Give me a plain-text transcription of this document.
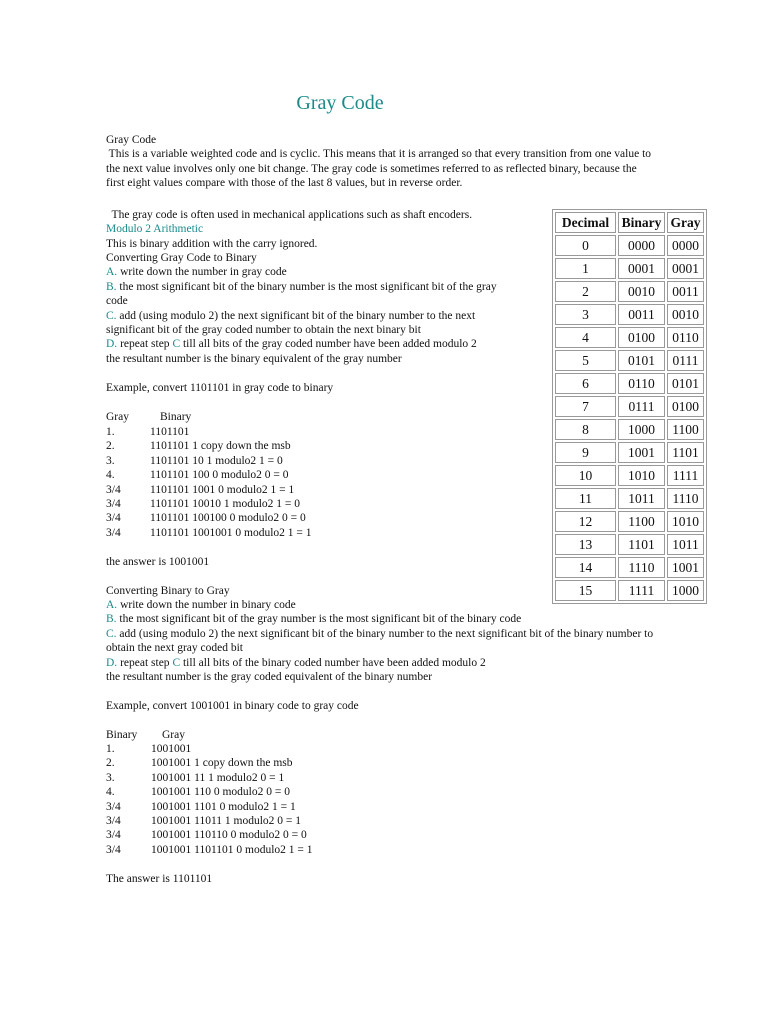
Gray Code
Gray Code
This is a variable weighted code and is cyclic. This means that it is arranged so that every transition from one value to
the next value involves only one bit change. The gray code is sometimes referred to as reflected binary, because the
first eight values compare with those of the last 8 values, but in reverse order.
The gray code is often used in mechanical applications such as shaft encoders.
Modulo 2 Arithmetic
This is binary addition with the carry ignored.
Converting Gray Code to Binary
A. write down the number in gray code
B. the most significant bit of the binary number is the most significant bit of the gray
code
C. add (using modulo 2) the next significant bit of the binary number to the next
significant bit of the gray coded number to obtain the next binary bit
D. repeat step C till all bits of the gray coded number have been added modulo 2
the resultant number is the binary equivalent of the gray number
Example, convert 1101101 in gray code to binary
Gray	Binary
1.	1101101
2.	1101101 1 copy down the msb
3.	1101101 10 1 modulo2 1 = 0
4.	1101101 100 0 modulo2 0 = 0
3/4	1101101 1001 0 modulo2 1 = 1
3/4	1101101 10010 1 modulo2 1 = 0
3/4	1101101 100100 0 modulo2 0 = 0
3/4	1101101 1001001 0 modulo2 1 = 1
the answer is 1001001
Converting Binary to Gray
A. write down the number in binary code
B. the most significant bit of the gray number is the most significant bit of the binary code
C. add (using modulo 2) the next significant bit of the binary number to the next significant bit of the binary number to
obtain the next gray coded bit
D. repeat step C till all bits of the binary coded number have been added modulo 2
the resultant number is the gray coded equivalent of the binary number
Example, convert 1001001 in binary code to gray code
Binary Gray
1.	1001001
2.	1001001 1 copy down the msb
3.	1001001 11 1 modulo2 0 = 1
4.	1001001 110 0 modulo2 0 = 0
3/4	1001001 1101 0 modulo2 1 = 1
3/4	1001001 11011 1 modulo2 0 = 1
3/4	1001001 110110 0 modulo2 0 = 0
3/4	1001001 1101101 0 modulo2 1 = 1
The answer is 1101101
Decimal	Binary	Gray
0	0000	0000
1	0001	0001
2	0010	0011
3	0011	0010
4	0100	0110
5	0101	0111
6	0110	0101
7	0111	0100
8	1000	1100
9	1001	1101
10	1010	1111
11	1011	1110
12	1100	1010
13	1101	1011
14	1110	1001
15	1111	1000
